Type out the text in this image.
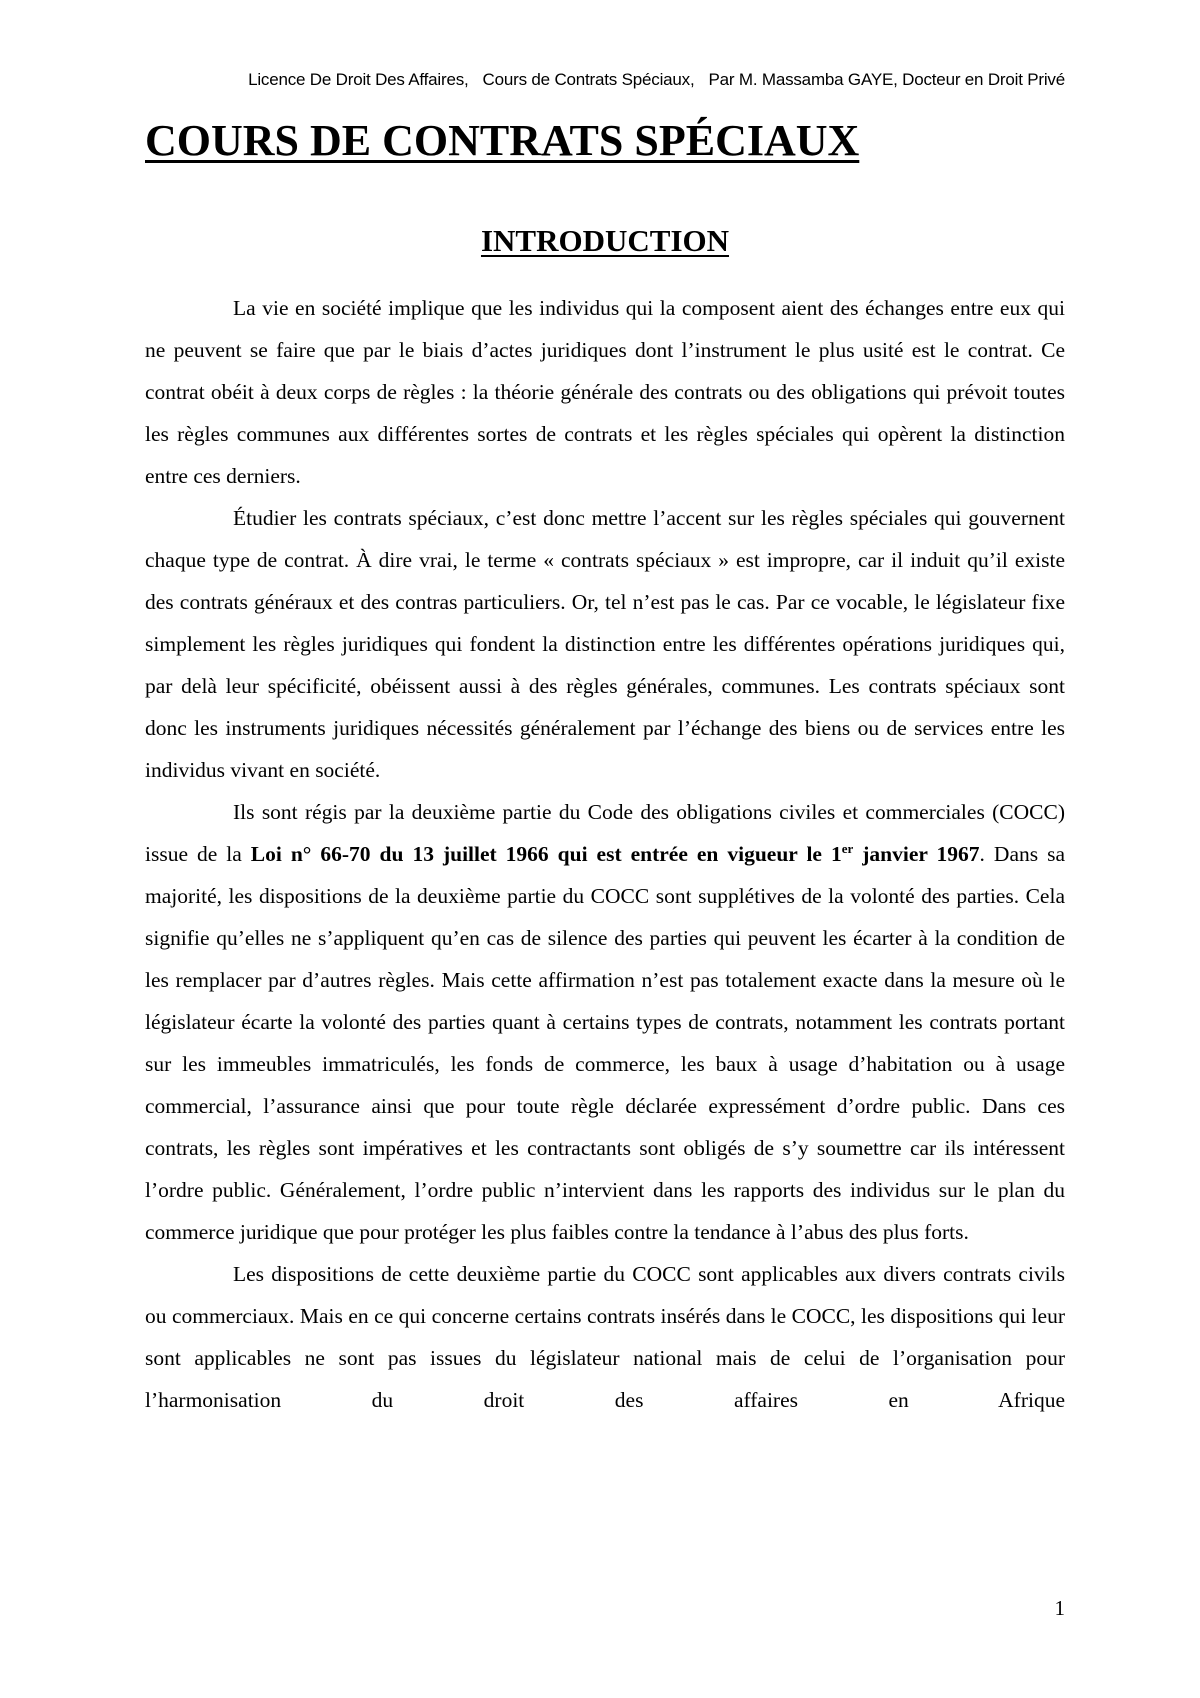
Licence De Droit Des Affaires, Cours de Contrats Spéciaux, Par M. Massamba GAYE, Docteur en Droit Privé
COURS DE CONTRATS SPÉCIAUX
INTRODUCTION

La vie en société implique que les individus qui la composent aient des échanges entre eux qui ne peuvent se faire que par le biais d’actes juridiques dont l’instrument le plus usité est le contrat. Ce contrat obéit à deux corps de règles : la théorie générale des contrats ou des obligations qui prévoit toutes les règles communes aux différentes sortes de contrats et les règles spéciales qui opèrent la distinction entre ces derniers.

Étudier les contrats spéciaux, c’est donc mettre l’accent sur les règles spéciales qui gouvernent chaque type de contrat. À dire vrai, le terme « contrats spéciaux » est impropre, car il induit qu’il existe des contrats généraux et des contras particuliers. Or, tel n’est pas le cas. Par ce vocable, le législateur fixe simplement les règles juridiques qui fondent la distinction entre les différentes opérations juridiques qui, par delà leur spécificité, obéissent aussi à des règles générales, communes. Les contrats spéciaux sont donc les instruments juridiques nécessités généralement par l’échange des biens ou de services entre les individus vivant en société.

Ils sont régis par la deuxième partie du Code des obligations civiles et commerciales (COCC) issue de la Loi n° 66-70 du 13 juillet 1966 qui est entrée en vigueur le 1er janvier 1967. Dans sa majorité, les dispositions de la deuxième partie du COCC sont supplétives de la volonté des parties. Cela signifie qu’elles ne s’appliquent qu’en cas de silence des parties qui peuvent les écarter à la condition de les remplacer par d’autres règles. Mais cette affirmation n’est pas totalement exacte dans la mesure où le législateur écarte la volonté des parties quant à certains types de contrats, notamment les contrats portant sur les immeubles immatriculés, les fonds de commerce, les baux à usage d’habitation ou à usage commercial, l’assurance ainsi que pour toute règle déclarée expressément d’ordre public. Dans ces contrats, les règles sont impératives et les contractants sont obligés de s’y soumettre car ils intéressent l’ordre public. Généralement, l’ordre public n’intervient dans les rapports des individus sur le plan du commerce juridique que pour protéger les plus faibles contre la tendance à l’abus des plus forts.

Les dispositions de cette deuxième partie du COCC sont applicables aux divers contrats civils ou commerciaux. Mais en ce qui concerne certains contrats insérés dans le COCC, les dispositions qui leur sont applicables ne sont pas issues du législateur national mais de celui de l’organisation pour l’harmonisation du droit des affaires en Afrique

1
